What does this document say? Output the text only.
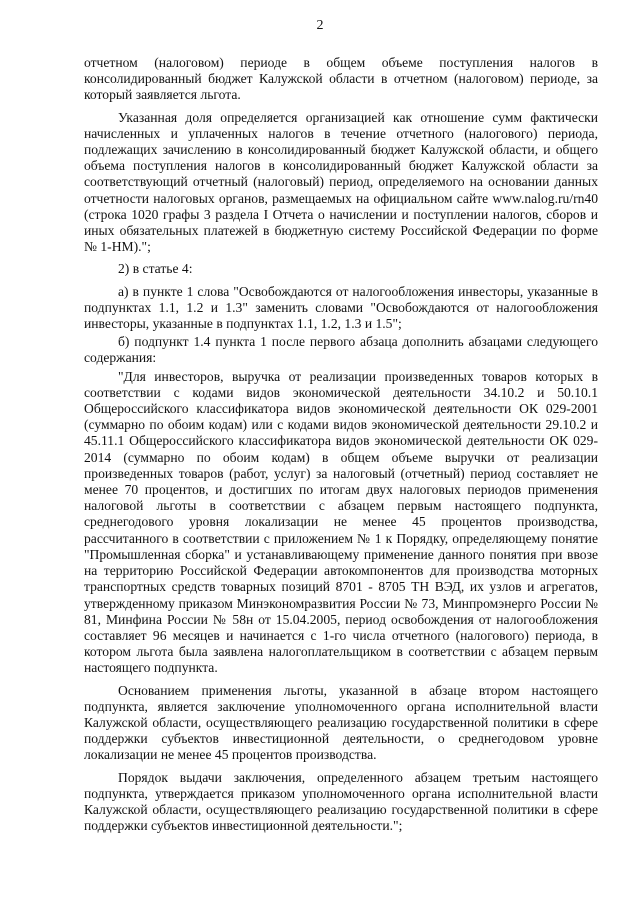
2

отчетном (налоговом) периоде в общем объеме поступления налогов в консолидированный бюджет Калужской области в отчетном (налоговом) периоде, за который заявляется льгота.

Указанная доля определяется организацией как отношение сумм фактически начисленных и уплаченных налогов в течение отчетного (налогового) периода, подлежащих зачислению в консолидированный бюджет Калужской области, и общего объема поступления налогов в консолидированный бюджет Калужской области за соответствующий отчетный (налоговый) период, определяемого на основании данных отчетности налоговых органов, размещаемых на официальном сайте www.nalog.ru/rn40 (строка 1020 графы 3 раздела I Отчета о начислении и поступлении налогов, сборов и иных обязательных платежей в бюджетную систему Российской Федерации по форме № 1-НМ).";

2) в статье 4:

а) в пункте 1 слова "Освобождаются от налогообложения инвесторы, указанные в подпунктах 1.1, 1.2 и 1.3" заменить словами "Освобождаются от налогообложения инвесторы, указанные в подпунктах 1.1, 1.2, 1.3 и 1.5";

б) подпункт 1.4 пункта 1 после первого абзаца дополнить абзацами следующего содержания:

"Для инвесторов, выручка от реализации произведенных товаров которых в соответствии с кодами видов экономической деятельности 34.10.2 и 50.10.1 Общероссийского классификатора видов экономической деятельности ОК 029-2001 (суммарно по обоим кодам) или с кодами видов экономической деятельности 29.10.2 и 45.11.1 Общероссийского классификатора видов экономической деятельности ОК 029-2014 (суммарно по обоим кодам) в общем объеме выручки от реализации произведенных товаров (работ, услуг) за налоговый (отчетный) период составляет не менее 70 процентов, и достигших по итогам двух налоговых периодов применения налоговой льготы в соответствии с абзацем первым настоящего подпункта, среднегодового уровня локализации не менее 45 процентов производства, рассчитанного в соответствии с приложением № 1 к Порядку, определяющему понятие "Промышленная сборка" и устанавливающему применение данного понятия при ввозе на территорию Российской Федерации автокомпонентов для производства моторных транспортных средств товарных позиций 8701 - 8705 ТН ВЭД, их узлов и агрегатов, утвержденному приказом Минэкономразвития России № 73, Минпромэнерго России № 81, Минфина России № 58н от 15.04.2005, период освобождения от налогообложения составляет 96 месяцев и начинается с 1-го числа отчетного (налогового) периода, в котором льгота была заявлена налогоплательщиком в соответствии с абзацем первым настоящего подпункта.

Основанием применения льготы, указанной в абзаце втором настоящего подпункта, является заключение уполномоченного органа исполнительной власти Калужской области, осуществляющего реализацию государственной политики в сфере поддержки субъектов инвестиционной деятельности, о среднегодовом уровне локализации не менее 45 процентов производства.

Порядок выдачи заключения, определенного абзацем третьим настоящего подпункта, утверждается приказом уполномоченного органа исполнительной власти Калужской области, осуществляющего реализацию государственной политики в сфере поддержки субъектов инвестиционной деятельности.";
